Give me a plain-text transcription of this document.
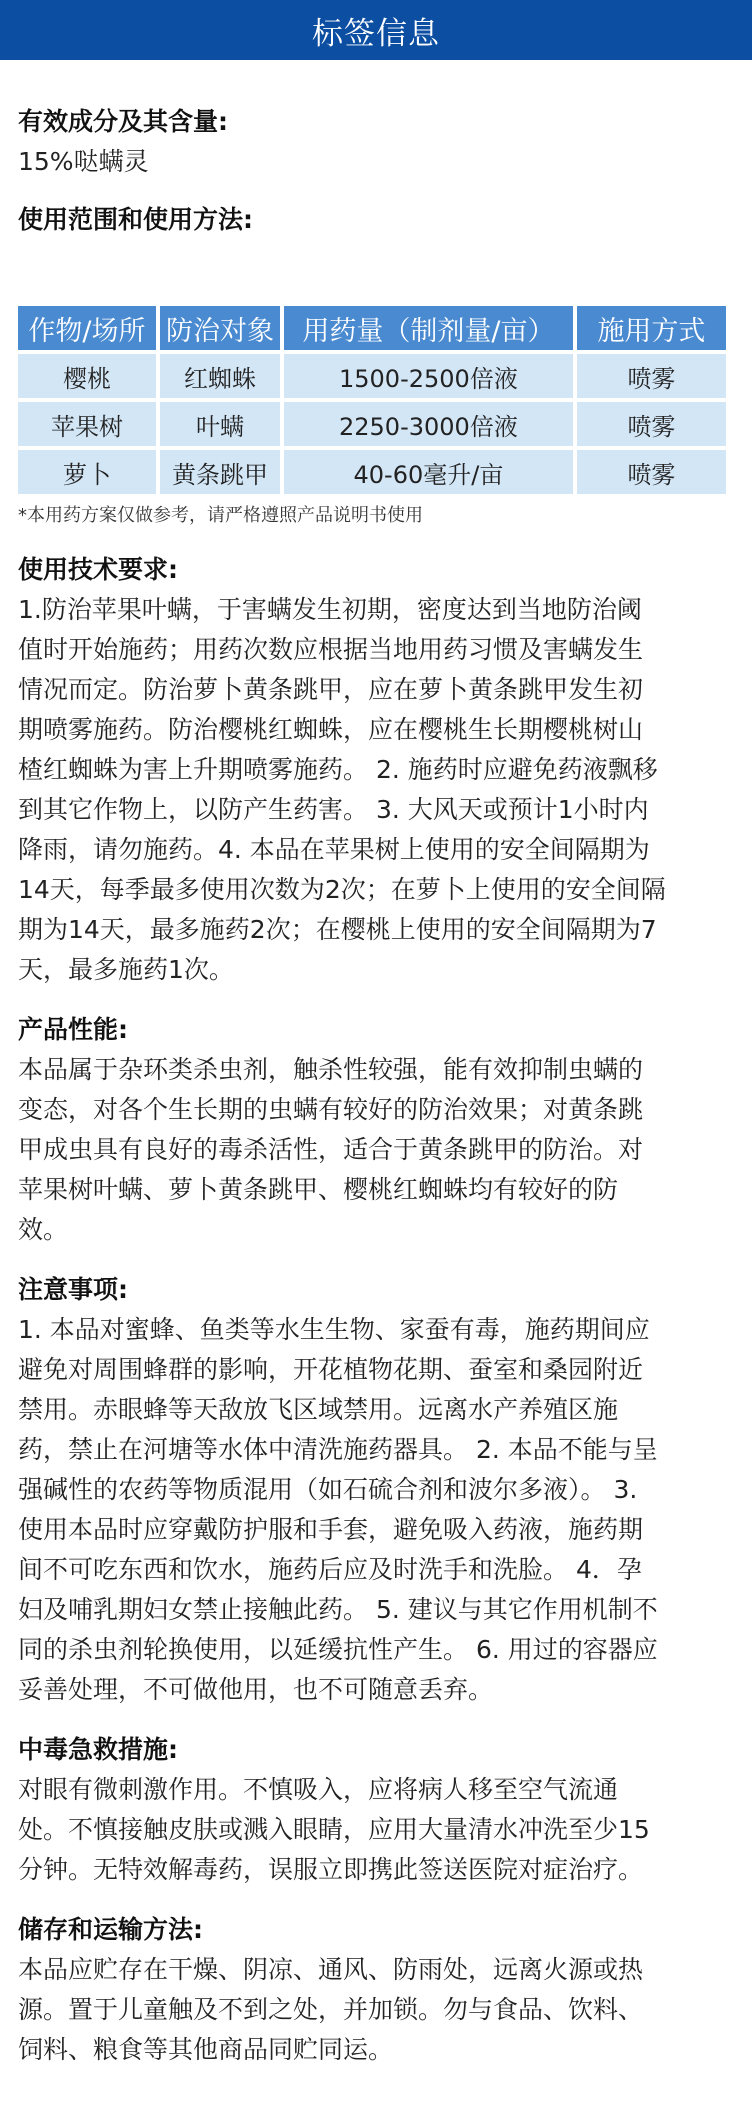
标签信息

有效成分及其含量:

15%哒螨灵

使用范围和使用方法:

作物/场所	防治对象	用药量（制剂量/亩）	施用方式
樱桃	红蜘蛛	1500-2500倍液	喷雾
苹果树	叶螨	2250-3000倍液	喷雾
萝卜	黄条跳甲	40-60毫升/亩	喷雾
*本用药方案仅做参考，请严格遵照产品说明书使用

使用技术要求:

1.防治苹果叶螨，于害螨发生初期，密度达到当地防治阈
值时开始施药；用药次数应根据当地用药习惯及害螨发生
情况而定。防治萝卜黄条跳甲，应在萝卜黄条跳甲发生初
期喷雾施药。防治樱桃红蜘蛛，应在樱桃生长期樱桃树山
楂红蜘蛛为害上升期喷雾施药。 2. 施药时应避免药液飘移
到其它作物上，以防产生药害。 3. 大风天或预计1小时内
降雨，请勿施药。4. 本品在苹果树上使用的安全间隔期为
14天，每季最多使用次数为2次；在萝卜上使用的安全间隔
期为14天，最多施药2次；在樱桃上使用的安全间隔期为7
天，最多施药1次。

产品性能:

本品属于杂环类杀虫剂，触杀性较强，能有效抑制虫螨的
变态，对各个生长期的虫螨有较好的防治效果；对黄条跳
甲成虫具有良好的毒杀活性，适合于黄条跳甲的防治。对
苹果树叶螨、萝卜黄条跳甲、樱桃红蜘蛛均有较好的防
效。

注意事项:

1. 本品对蜜蜂、鱼类等水生生物、家蚕有毒，施药期间应
避免对周围蜂群的影响，开花植物花期、蚕室和桑园附近
禁用。赤眼蜂等天敌放飞区域禁用。远离水产养殖区施
药，禁止在河塘等水体中清洗施药器具。 2. 本品不能与呈
强碱性的农药等物质混用（如石硫合剂和波尔多液）。 3.
使用本品时应穿戴防护服和手套，避免吸入药液，施药期
间不可吃东西和饮水，施药后应及时洗手和洗脸。 4．孕
妇及哺乳期妇女禁止接触此药。 5. 建议与其它作用机制不
同的杀虫剂轮换使用，以延缓抗性产生。 6. 用过的容器应
妥善处理，不可做他用，也不可随意丢弃。

中毒急救措施:

对眼有微刺激作用。不慎吸入，应将病人移至空气流通
处。不慎接触皮肤或溅入眼睛，应用大量清水冲洗至少15
分钟。无特效解毒药，误服立即携此签送医院对症治疗。

储存和运输方法:

本品应贮存在干燥、阴凉、通风、防雨处，远离火源或热
源。置于儿童触及不到之处，并加锁。勿与食品、饮料、
饲料、粮食等其他商品同贮同运。
